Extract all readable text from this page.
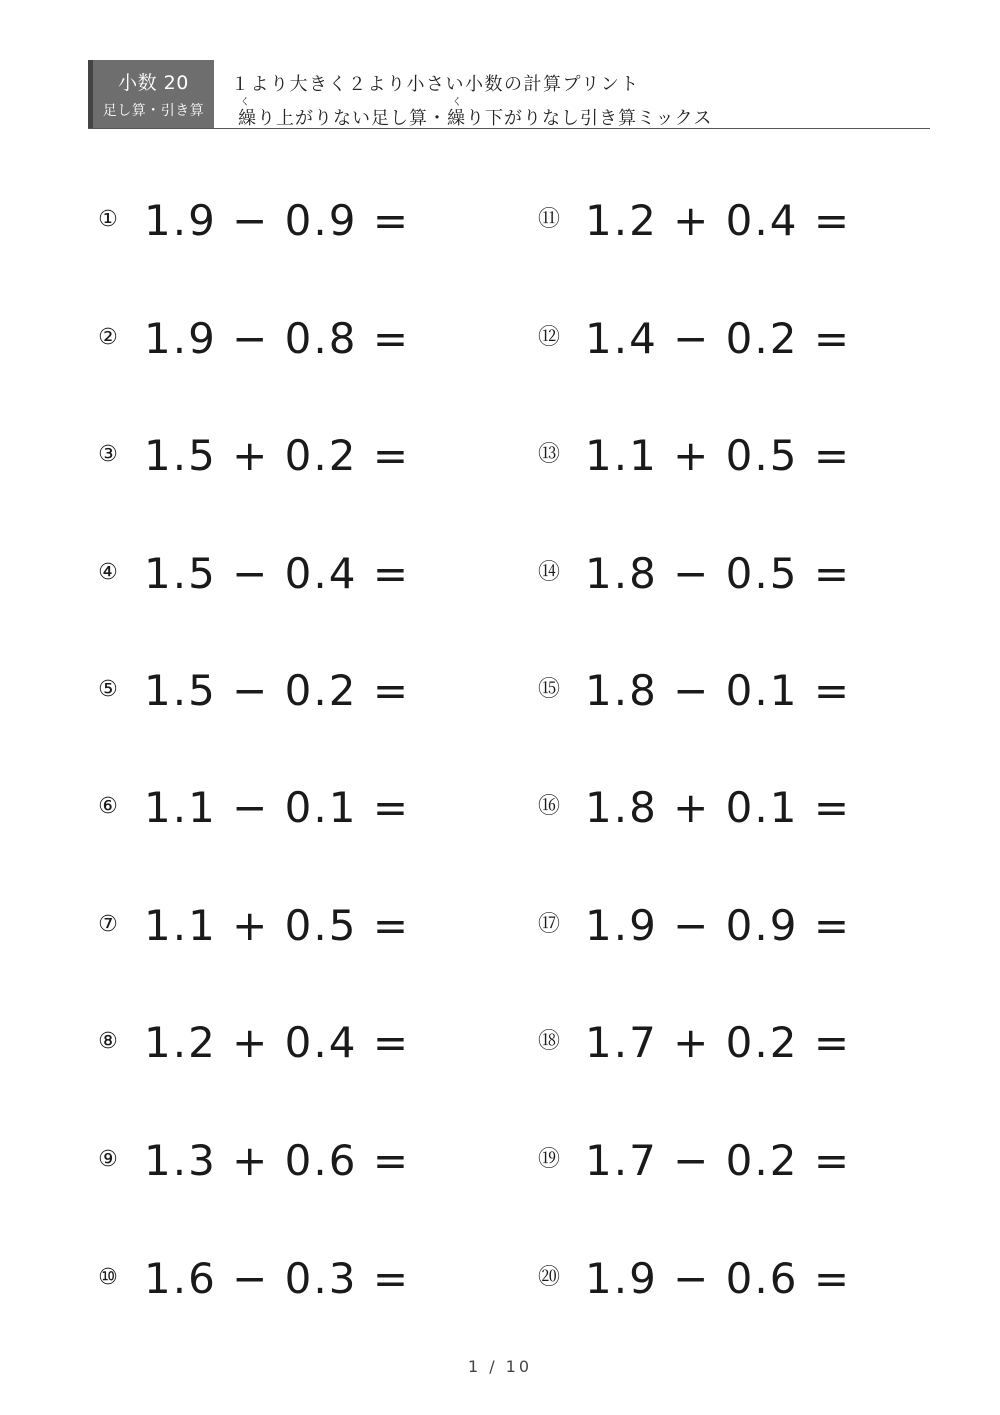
小数 20
足し算・引き算
１より大きく２より小さい小数の計算プリント
く	く
繰り上がりない足し算・繰り下がりなし引き算ミックス
① 1.9 − 0.9 =
② 1.9 − 0.8 =
③ 1.5 + 0.2 =
④ 1.5 − 0.4 =
⑤ 1.5 − 0.2 =
⑥ 1.1 − 0.1 =
⑦ 1.1 + 0.5 =
⑧ 1.2 + 0.4 =
⑨ 1.3 + 0.6 =
⑩ 1.6 − 0.3 =
⑪ 1.2 + 0.4 =
⑫ 1.4 − 0.2 =
⑬ 1.1 + 0.5 =
⑭ 1.8 − 0.5 =
⑮ 1.8 − 0.1 =
⑯ 1.8 + 0.1 =
⑰ 1.9 − 0.9 =
⑱ 1.7 + 0.2 =
⑲ 1.7 − 0.2 =
⑳ 1.9 − 0.6 =
1 / 10
